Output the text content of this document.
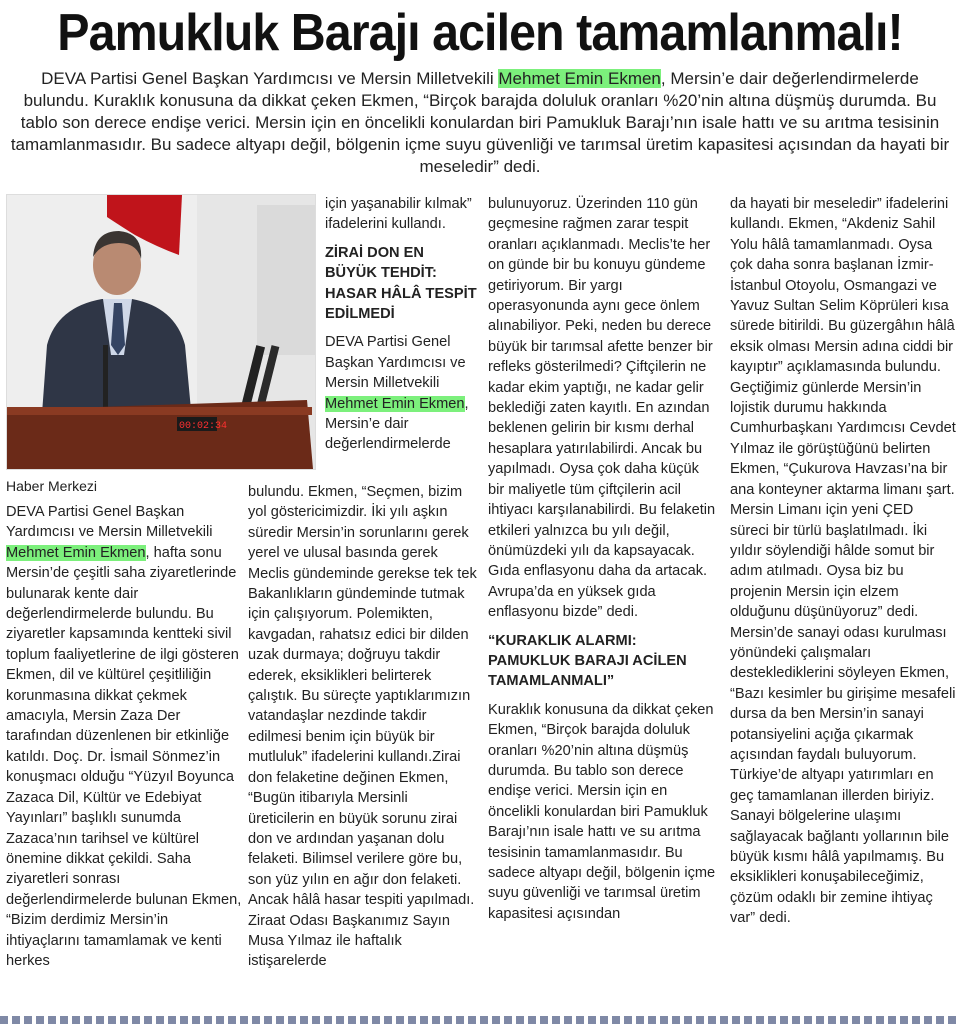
Pamukluk Barajı acilen tamamlanmalı!

DEVA Partisi Genel Başkan Yardımcısı ve Mersin Milletvekili Mehmet Emin Ekmen, Mersin’e dair değerlendirmelerde bulundu. Kuraklık konusuna da dikkat çeken Ekmen, “Birçok barajda doluluk oranları %20’nin altına düşmüş durumda. Bu tablo son derece endişe verici. Mersin için en öncelikli konulardan biri Pamukluk Barajı’nın isale hattı ve su arıtma tesisinin tamamlanmasıdır. Bu sadece altyapı değil, bölgenin içme suyu güvenliği ve tarımsal üretim kapasitesi açısından da hayati bir meseledir” dedi.

00:02:34
Haber Merkezi

DEVA Partisi Genel Başkan Yardımcısı ve Mersin Milletvekili Mehmet Emin Ekmen, hafta sonu Mersin’de çeşitli saha ziyaretlerinde bulunarak kente dair değerlendirmelerde bulundu. Bu ziyaretler kapsamında kentteki sivil toplum faaliyetlerine de ilgi gösteren Ekmen, dil ve kültürel çeşitliliğin korunmasına dikkat çekmek amacıyla, Mersin Zaza Der tarafından düzenlenen bir etkinliğe katıldı. Doç. Dr. İsmail Sönmez’in konuşmacı olduğu “Yüzyıl Boyunca Zazaca Dil, Kültür ve Edebiyat Yayınları” başlıklı sunumda Zazaca’nın tarihsel ve kültürel önemine dikkat çekildi. Saha ziyaretleri sonrası değerlendirmelerde bulunan Ekmen, “Bizim derdimiz Mersin’in ihtiyaçlarını tamamlamak ve kenti herkes

için yaşanabilir kılmak” ifadelerini kullandı.

ZİRAİ DON EN BÜYÜK TEHDİT: HASAR HÂLÂ TESPİT EDİLMEDİ

DEVA Partisi Genel Başkan Yardımcısı ve Mersin Milletvekili Mehmet Emin Ekmen, Mersin’e dair değerlendirmelerde

bulundu. Ekmen, “Seçmen, bizim yol göstericimizdir. İki yılı aşkın süredir Mersin’in sorunlarını gerek yerel ve ulusal basında gerek Meclis gündeminde gerekse tek tek Bakanlıkların gündeminde tutmak için çalışıyorum. Polemikten, kavgadan, rahatsız edici bir dilden uzak durmaya; doğruyu takdir ederek, eksiklikleri belirterek çalıştık. Bu süreçte yaptıklarımızın vatandaşlar nezdinde takdir edilmesi benim için büyük bir mutluluk” ifadelerini kullandı.Zirai don felaketine değinen Ekmen, “Bugün itibarıyla Mersinli üreticilerin en büyük sorunu zirai don ve ardından yaşanan dolu felaketi. Bilimsel verilere göre bu, son yüz yılın en ağır don felaketi. Ancak hâlâ hasar tespiti yapılmadı. Ziraat Odası Başkanımız Sayın Musa Yılmaz ile haftalık istişarelerde

bulunuyoruz. Üzerinden 110 gün geçmesine rağmen zarar tespit oranları açıklanmadı. Meclis’te her on günde bir bu konuyu gündeme getiriyorum. Bir yargı operasyonunda aynı gece önlem alınabiliyor. Peki, neden bu derece büyük bir tarımsal afette benzer bir refleks gösterilmedi? Çiftçilerin ne kadar ekim yaptığı, ne kadar gelir beklediği zaten kayıtlı. En azından beklenen gelirin bir kısmı derhal hesaplara yatırılabilirdi. Ancak bu yapılmadı. Oysa çok daha küçük bir maliyetle tüm çiftçilerin acil ihtiyacı karşılanabilirdi. Bu felaketin etkileri yalnızca bu yılı değil, önümüzdeki yılı da kapsayacak. Gıda enflasyonu daha da artacak. Avrupa’da en yüksek gıda enflasyonu bizde” dedi.

“KURAKLIK ALARMI: PAMUKLUK BARAJI ACİLEN TAMAMLANMALI”

Kuraklık konusuna da dikkat çeken Ekmen, “Birçok barajda doluluk oranları %20’nin altına düşmüş durumda. Bu tablo son derece endişe verici. Mersin için en öncelikli konulardan biri Pamukluk Barajı’nın isale hattı ve su arıtma tesisinin tamamlanmasıdır. Bu sadece altyapı değil, bölgenin içme suyu güvenliği ve tarımsal üretim kapasitesi açısından

da hayati bir meseledir” ifadelerini kullandı. Ekmen, “Akdeniz Sahil Yolu hâlâ tamamlanmadı. Oysa çok daha sonra başlanan İzmir-İstanbul Otoyolu, Osmangazi ve Yavuz Sultan Selim Köprüleri kısa sürede bitirildi. Bu güzergâhın hâlâ eksik olması Mersin adına ciddi bir kayıptır” açıklamasında bulundu. Geçtiğimiz günlerde Mersin’in lojistik durumu hakkında Cumhurbaşkanı Yardımcısı Cevdet Yılmaz ile görüştüğünü belirten Ekmen, “Çukurova Havzası’na bir ana konteyner aktarma limanı şart. Mersin Limanı için yeni ÇED süreci bir türlü başlatılmadı. İki yıldır söylendiği hâlde somut bir adım atılmadı. Oysa biz bu projenin Mersin için elzem olduğunu düşünüyoruz” dedi. Mersin’de sanayi odası kurulması yönündeki çalışmaları desteklediklerini söyleyen Ekmen, “Bazı kesimler bu girişime mesafeli dursa da ben Mersin’in sanayi potansiyelini açığa çıkarmak açısından faydalı buluyorum. Türkiye’de altyapı yatırımları en geç tamamlanan illerden biriyiz. Sanayi bölgelerine ulaşımı sağlayacak bağlantı yollarının bile büyük kısmı hâlâ yapılmamış. Bu eksiklikleri konuşabileceğimiz, çözüm odaklı bir zemine ihtiyaç var” dedi.
